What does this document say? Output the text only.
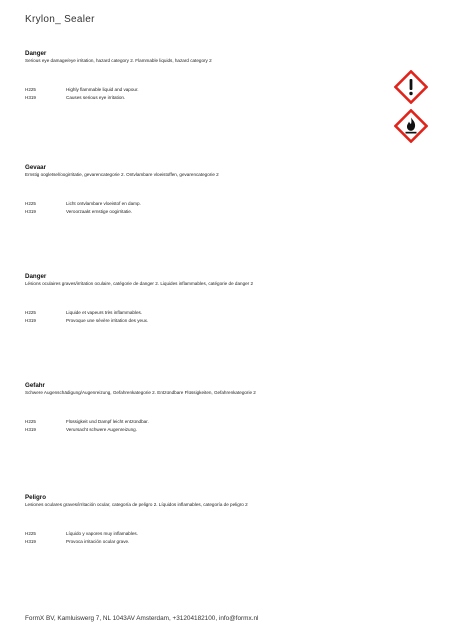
Krylon_ Sealer
Danger
Serious eye damage/eye irritation, hazard category 2. Flammable liquids, hazard category 2
H225	Highly flammable liquid and vapour.
H319	Causes serious eye irritation.
Gevaar
Ernstig oogletsel/oogirritatie, gevarencategorie 2. Ontvlambare vloeistoffen, gevarencategorie 2
H225	Licht ontvlambare vloeistof en damp.
H319	Veroorzaakt ernstige oogirritatie.
Danger
Lésions oculaires graves/irritation oculaire, catégorie de danger 2. Liquides inflammables, catégorie de danger 2
H225	Liquide et vapeurs très inflammables.
H319	Provoque une sévère irritation des yeux.
Gefahr
Schwere Augenschädigung/Augenreizung, Gefahrenkategorie 2. Entzündbare Flüssigkeiten, Gefahrenkategorie 2
H225	Flüssigkeit und Dampf leicht entzündbar.
H319	Verursacht schwere Augenreizung.
Peligro
Lesiones oculares graves/irritación ocular, categoría de peligro 2. Líquidos inflamables, categoría de peligro 2
H225	Líquido y vapores muy inflamables.
H319	Provoca irritación ocular grave.
FormX BV, Kamluiswerg 7, NL 1043AV Amsterdam, +31204182100, info@formx.nl
